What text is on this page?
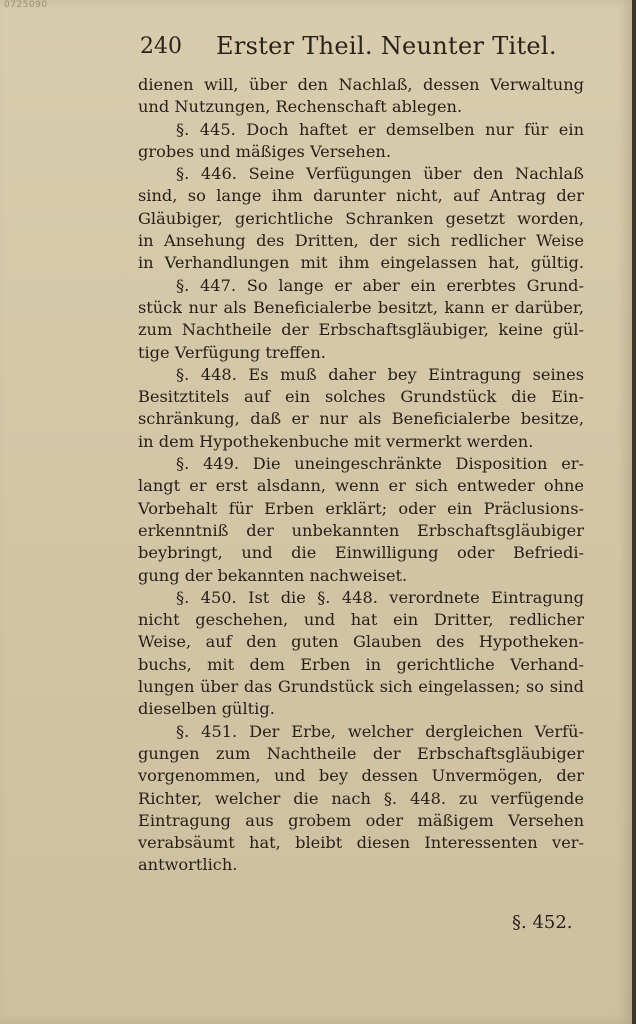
0725090
240 Erster Theil. Neunter Titel.
dienen will, über den Nachlaß, dessen Verwaltung
und Nutzungen, Rechenschaft ablegen.
§. 445. Doch haftet er demselben nur für ein
grobes und mäßiges Versehen.
§. 446. Seine Verfügungen über den Nachlaß
sind, so lange ihm darunter nicht, auf Antrag der
Gläubiger, gerichtliche Schranken gesetzt worden,
in Ansehung des Dritten, der sich redlicher Weise
in Verhandlungen mit ihm eingelassen hat, gültig.
§. 447. So lange er aber ein ererbtes Grund-
stück nur als Beneficialerbe besitzt, kann er darüber,
zum Nachtheile der Erbschaftsgläubiger, keine gül-
tige Verfügung treffen.
§. 448. Es muß daher bey Eintragung seines
Besitztitels auf ein solches Grundstück die Ein-
schränkung, daß er nur als Beneficialerbe besitze,
in dem Hypothekenbuche mit vermerkt werden.
§. 449. Die uneingeschränkte Disposition er-
langt er erst alsdann, wenn er sich entweder ohne
Vorbehalt für Erben erklärt; oder ein Präclusions-
erkenntniß der unbekannten Erbschaftsgläubiger
beybringt, und die Einwilligung oder Befriedi-
gung der bekannten nachweiset.
§. 450. Ist die §. 448. verordnete Eintragung
nicht geschehen, und hat ein Dritter, redlicher
Weise, auf den guten Glauben des Hypotheken-
buchs, mit dem Erben in gerichtliche Verhand-
lungen über das Grundstück sich eingelassen; so sind
dieselben gültig.
§. 451. Der Erbe, welcher dergleichen Verfü-
gungen zum Nachtheile der Erbschaftsgläubiger
vorgenommen, und bey dessen Unvermögen, der
Richter, welcher die nach §. 448. zu verfügende
Eintragung aus grobem oder mäßigem Versehen
verabsäumt hat, bleibt diesen Interessenten ver-
antwortlich.
§. 452.
